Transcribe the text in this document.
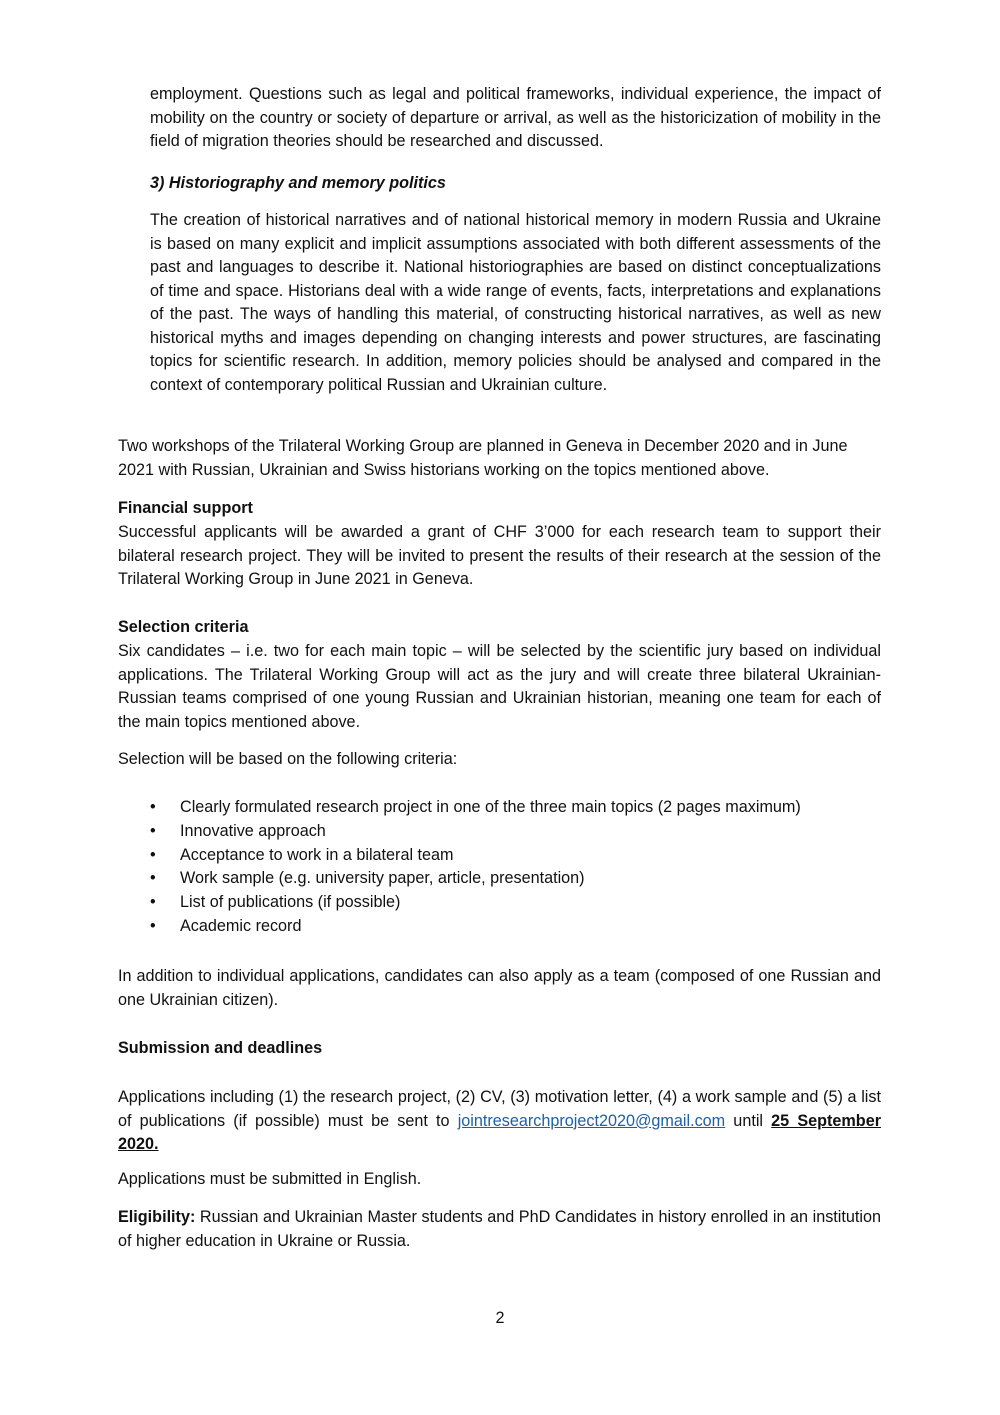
employment. Questions such as legal and political frameworks, individual experience, the impact of mobility on the country or society of departure or arrival, as well as the historicization of mobility in the field of migration theories should be researched and discussed.

3) Historiography and memory politics

The creation of historical narratives and of national historical memory in modern Russia and Ukraine is based on many explicit and implicit assumptions associated with both different assessments of the past and languages to describe it. National historiographies are based on distinct conceptualizations of time and space. Historians deal with a wide range of events, facts, interpretations and explanations of the past. The ways of handling this material, of constructing historical narratives, as well as new historical myths and images depending on changing interests and power structures, are fascinating topics for scientific research. In addition, memory policies should be analysed and compared in the context of contemporary political Russian and Ukrainian culture.

Two workshops of the Trilateral Working Group are planned in Geneva in December 2020 and in June 2021 with Russian, Ukrainian and Swiss historians working on the topics mentioned above.

Financial support

Successful applicants will be awarded a grant of CHF 3’000 for each research team to support their bilateral research project. They will be invited to present the results of their research at the session of the Trilateral Working Group in June 2021 in Geneva.

Selection criteria

Six candidates – i.e. two for each main topic – will be selected by the scientific jury based on individual applications. The Trilateral Working Group will act as the jury and will create three bilateral Ukrainian-Russian teams comprised of one young Russian and Ukrainian historian, meaning one team for each of the main topics mentioned above.

Selection will be based on the following criteria:

• Clearly formulated research project in one of the three main topics (2 pages maximum)
• Innovative approach
• Acceptance to work in a bilateral team
• Work sample (e.g. university paper, article, presentation)
• List of publications (if possible)
• Academic record

In addition to individual applications, candidates can also apply as a team (composed of one Russian and one Ukrainian citizen).

Submission and deadlines

Applications including (1) the research project, (2) CV, (3) motivation letter, (4) a work sample and (5) a list of publications (if possible) must be sent to jointresearchproject2020@gmail.com until 25 September 2020.

Applications must be submitted in English.

Eligibility: Russian and Ukrainian Master students and PhD Candidates in history enrolled in an institution of higher education in Ukraine or Russia.

2
